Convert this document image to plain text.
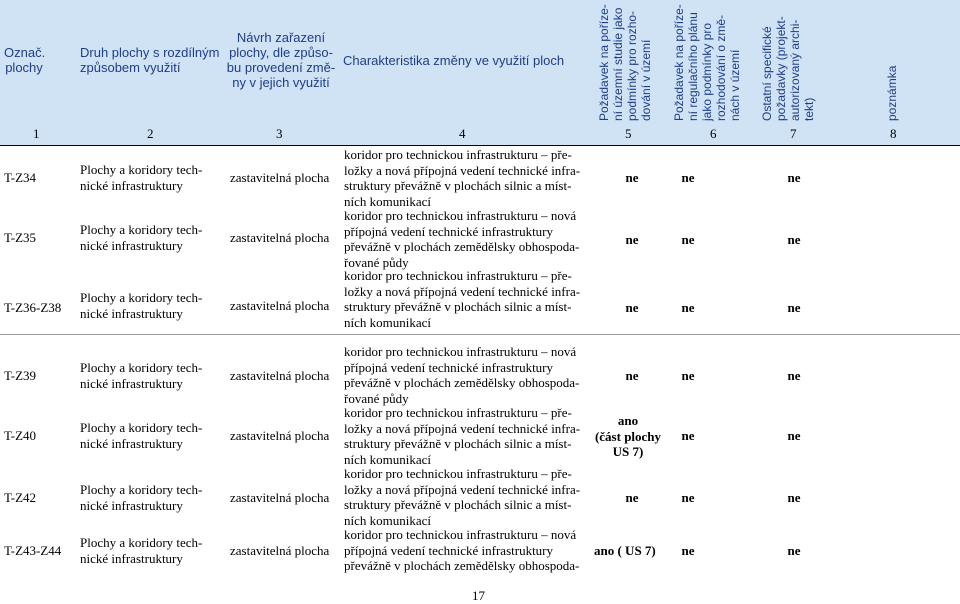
Označ.
plochy
Druh plochy s rozdílným
způsobem využití
Návrh zařazení
plochy, dle způso-
bu provedení změ-
ny v jejich využití
Charakteristika změny ve využití ploch
Požadavek na poříze-
ní územní studie jako
podmínky pro rozho-
dování v území
Požadavek na poříze-
ní regulačního plánu
jako podmínky pro
rozhodování o změ-
nách v území
Ostatní specifické
požadavky (projekt-
autorizovaný archi-
tekt)	poznámka
1	2	3	4	5	6	7	8
T-Z34
Plochy a koridory tech-
nické infrastruktury	zastavitelná plocha
koridor pro technickou infrastrukturu – pře-
ložky a nová přípojná vedení technické infra-
struktury převážně v plochách silnic a míst-
ních komunikací
ne	ne	ne
T-Z35
Plochy a koridory tech-
nické infrastruktury	zastavitelná plocha
koridor pro technickou infrastrukturu – nová
přípojná vedení technické infrastruktury
převážně v plochách zemědělsky obhospoda-
řované půdy
ne	ne	ne
T-Z36-Z38
Plochy a koridory tech-
nické infrastruktury	zastavitelná plocha
koridor pro technickou infrastrukturu – pře-
ložky a nová přípojná vedení technické infra-
struktury převážně v plochách silnic a míst-
ních komunikací
ne	ne	ne
T-Z39
Plochy a koridory tech-
nické infrastruktury	zastavitelná plocha
koridor pro technickou infrastrukturu – nová
přípojná vedení technické infrastruktury
převážně v plochách zemědělsky obhospoda-
řované půdy
ne	ne	ne
T-Z40
Plochy a koridory tech-
nické infrastruktury	zastavitelná plocha
koridor pro technickou infrastrukturu – pře-
ložky a nová přípojná vedení technické infra-
struktury převážně v plochách silnic a míst-
ních komunikací
ano
(část plochy
US 7)
ne	ne
T-Z42
Plochy a koridory tech-
nické infrastruktury	zastavitelná plocha
koridor pro technickou infrastrukturu – pře-
ložky a nová přípojná vedení technické infra-
struktury převážně v plochách silnic a míst-
ních komunikací
ne	ne	ne
T-Z43-Z44
Plochy a koridory tech-
nické infrastruktury	zastavitelná plocha
koridor pro technickou infrastrukturu – nová
přípojná vedení technické infrastruktury
převážně v plochách zemědělsky obhospoda-
ano ( US 7)	ne	ne
17
